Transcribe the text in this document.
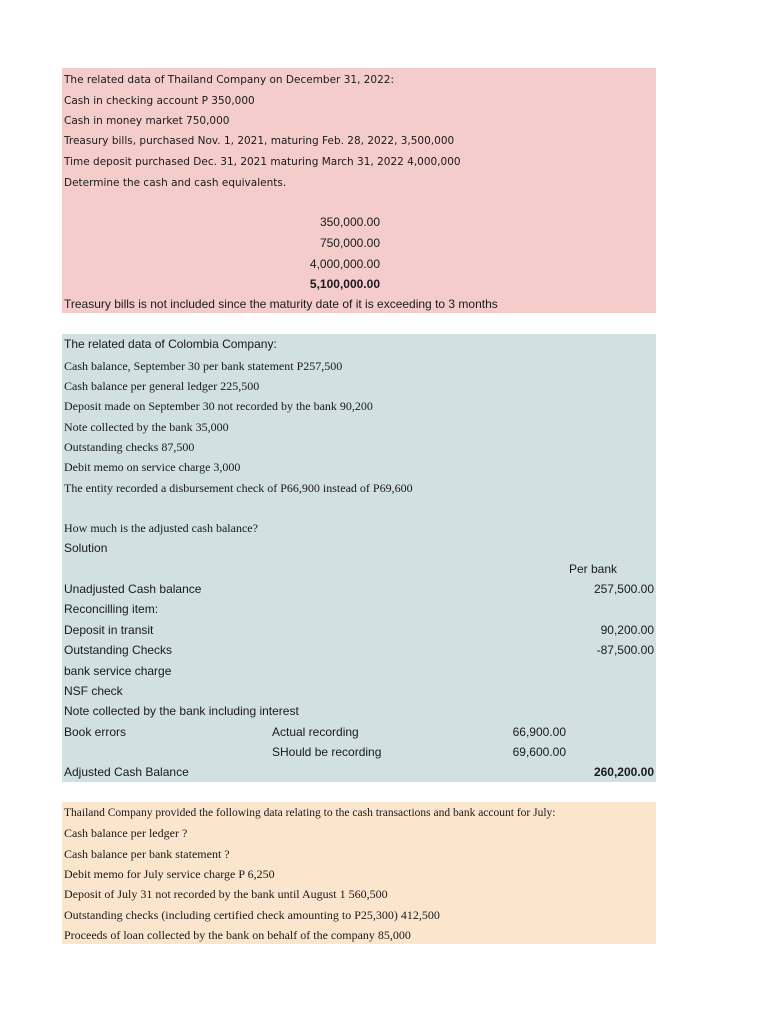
The related data of Thailand Company on December 31, 2022:
Cash in checking account P 350,000
Cash in money market 750,000
Treasury bills, purchased Nov. 1, 2021, maturing Feb. 28, 2022, 3,500,000
Time deposit purchased Dec. 31, 2021 maturing March 31, 2022 4,000,000
Determine the cash and cash equivalents.
350,000.00
750,000.00
4,000,000.00
5,100,000.00
Treasury bills is not included since the maturity date of it is exceeding to 3 months
The related data of Colombia Company:
Cash balance, September 30 per bank statement P257,500
Cash balance per general ledger 225,500
Deposit made on September 30 not recorded by the bank 90,200
Note collected by the bank 35,000
Outstanding checks 87,500
Debit memo on service charge 3,000
The entity recorded a disbursement check of P66,900 instead of P69,600
How much is the adjusted cash balance?
Solution
Per bank
Unadjusted Cash balance	257,500.00
Reconcilling item:
Deposit in transit	90,200.00
Outstanding Checks	-87,500.00
bank service charge
NSF check
Note collected by the bank including interest
Book errors	Actual recording	66,900.00
SHould be recording	69,600.00
Adjusted Cash Balance	260,200.00
Thailand Company provided the following data relating to the cash transactions and bank account for July:
Cash balance per ledger ?
Cash balance per bank statement ?
Debit memo for July service charge P 6,250
Deposit of July 31 not recorded by the bank until August 1 560,500
Outstanding checks (including certified check amounting to P25,300) 412,500
Proceeds of loan collected by the bank on behalf of the company 85,000
